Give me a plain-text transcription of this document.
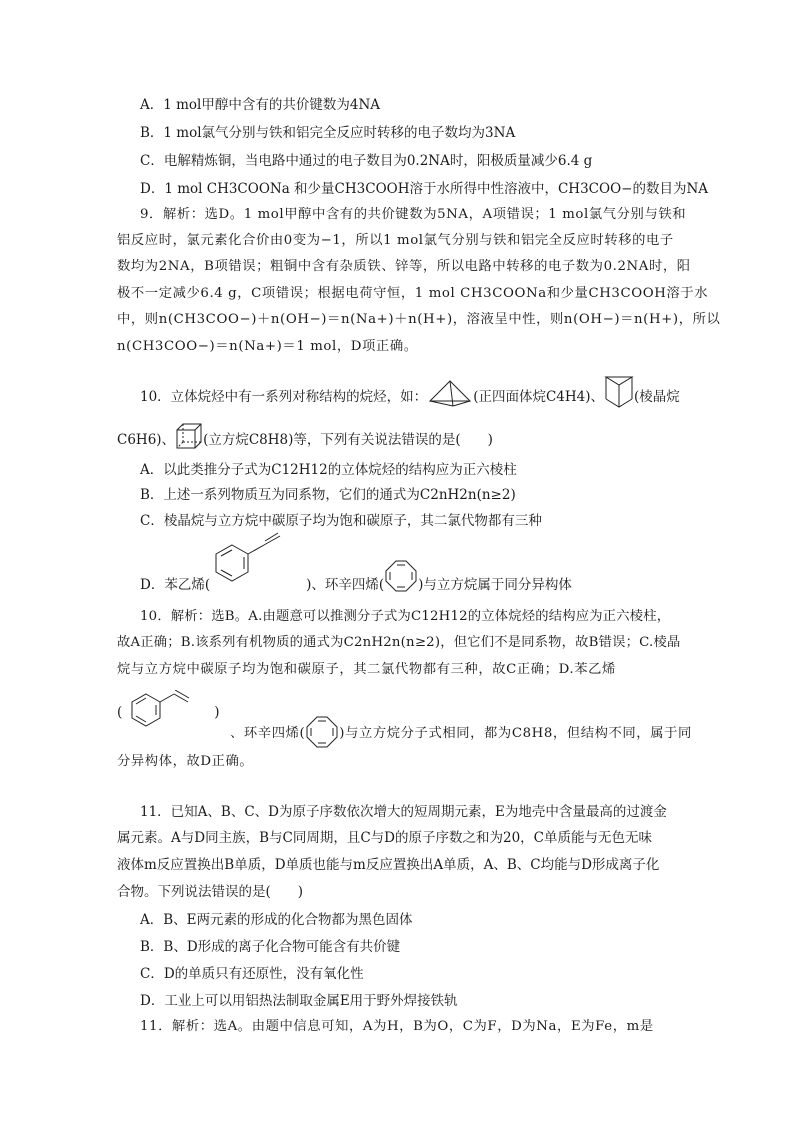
A．1 mol甲醇中含有的共价键数为4NA
B．1 mol氯气分别与铁和铝完全反应时转移的电子数均为3NA
C．电解精炼铜，当电路中通过的电子数目为0.2NA时，阳极质量减少6.4 g
D．1 mol CH3COONa 和少量CH3COOH溶于水所得中性溶液中，CH3COO−的数目为NA
9．解析：选D。1 mol甲醇中含有的共价键数为5NA，A项错误；1 mol氯气分别与铁和
铝反应时，氯元素化合价由0变为−1，所以1 mol氯气分别与铁和铝完全反应时转移的电子
数均为2NA，B项错误；粗铜中含有杂质铁、锌等，所以电路中转移的电子数为0.2NA时，阳
极不一定减少6.4 g，C项错误；根据电荷守恒，1 mol CH3COONa和少量CH3COOH溶于水
中，则n(CH3COO−)＋n(OH−)＝n(Na+)＋n(H+)，溶液呈中性，则n(OH−)＝n(H+)，所以
n(CH3COO−)＝n(Na+)＝1 mol，D项正确。
10．立体烷烃中有一系列对称结构的烷烃，如：	(正四面体烷C4H4)、 (棱晶烷
C6H6)、 (立方烷C8H8)等，下列有关说法错误的是(　　)
A．以此类推分子式为C12H12的立体烷烃的结构应为正六棱柱
B．上述一系列物质互为同系物，它们的通式为C2nH2n(n≥2)
C．棱晶烷与立方烷中碳原子均为饱和碳原子，其二氯代物都有三种
D．苯乙烯(	)、环辛四烯(	)与立方烷属于同分异构体
10．解析：选B。A.由题意可以推测分子式为C12H12的立体烷烃的结构应为正六棱柱，
故A正确；B.该系列有机物质的通式为C2nH2n(n≥2)，但它们不是同系物，故B错误；C.棱晶
烷与立方烷中碳原子均为饱和碳原子，其二氯代物都有三种，故C正确；D.苯乙烯
(	)
、环辛四烯(	)与立方烷分子式相同，都为C8H8，但结构不同，属于同
分异构体，故D正确。
11．已知A、B、C、D为原子序数依次增大的短周期元素，E为地壳中含量最高的过渡金
属元素。A与D同主族，B与C同周期，且C与D的原子序数之和为20，C单质能与无色无味
液体m反应置换出B单质，D单质也能与m反应置换出A单质，A、B、C均能与D形成离子化
合物。下列说法错误的是(　　)
A．B、E两元素的形成的化合物都为黑色固体
B．B、D形成的离子化合物可能含有共价键
C．D的单质只有还原性，没有氧化性
D．工业上可以用铝热法制取金属E用于野外焊接铁轨
11．解析：选A。由题中信息可知，A为H，B为O，C为F，D为Na，E为Fe，m是
